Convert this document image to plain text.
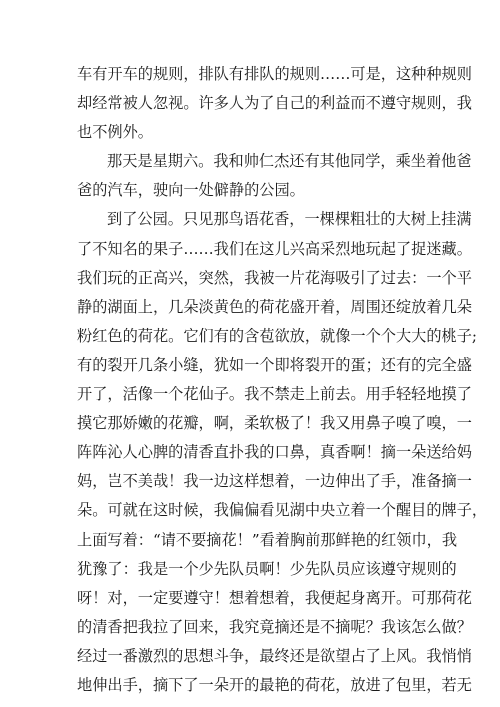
车有开车的规则，排队有排队的规则……可是，这种种规则
却经常被人忽视。许多人为了自己的利益而不遵守规则，我
也不例外。
那天是星期六。我和帅仁杰还有其他同学，乘坐着他爸
爸的汽车，驶向一处僻静的公园。
到了公园。只见那鸟语花香，一棵棵粗壮的大树上挂满
了不知名的果子……我们在这儿兴高采烈地玩起了捉迷藏。
我们玩的正高兴，突然，我被一片花海吸引了过去：一个平
静的湖面上，几朵淡黄色的荷花盛开着，周围还绽放着几朵
粉红色的荷花。它们有的含苞欲放，就像一个个大大的桃子;
有的裂开几条小缝，犹如一个即将裂开的蛋；还有的完全盛
开了，活像一个花仙子。我不禁走上前去。用手轻轻地摸了
摸它那娇嫩的花瓣，啊，柔软极了！我又用鼻子嗅了嗅，一
阵阵沁人心脾的清香直扑我的口鼻，真香啊！摘一朵送给妈
妈，岂不美哉！我一边这样想着，一边伸出了手，准备摘一
朵。可就在这时候，我偏偏看见湖中央立着一个醒目的牌子，
上面写着：“请不要摘花！”看着胸前那鲜艳的红领巾，我
犹豫了：我是一个少先队员啊！少先队员应该遵守规则的
呀！对，一定要遵守！想着想着，我便起身离开。可那荷花
的清香把我拉了回来，我究竟摘还是不摘呢？我该怎么做？
经过一番激烈的思想斗争，最终还是欲望占了上风。我悄悄
地伸出手，摘下了一朵开的最艳的荷花，放进了包里，若无
